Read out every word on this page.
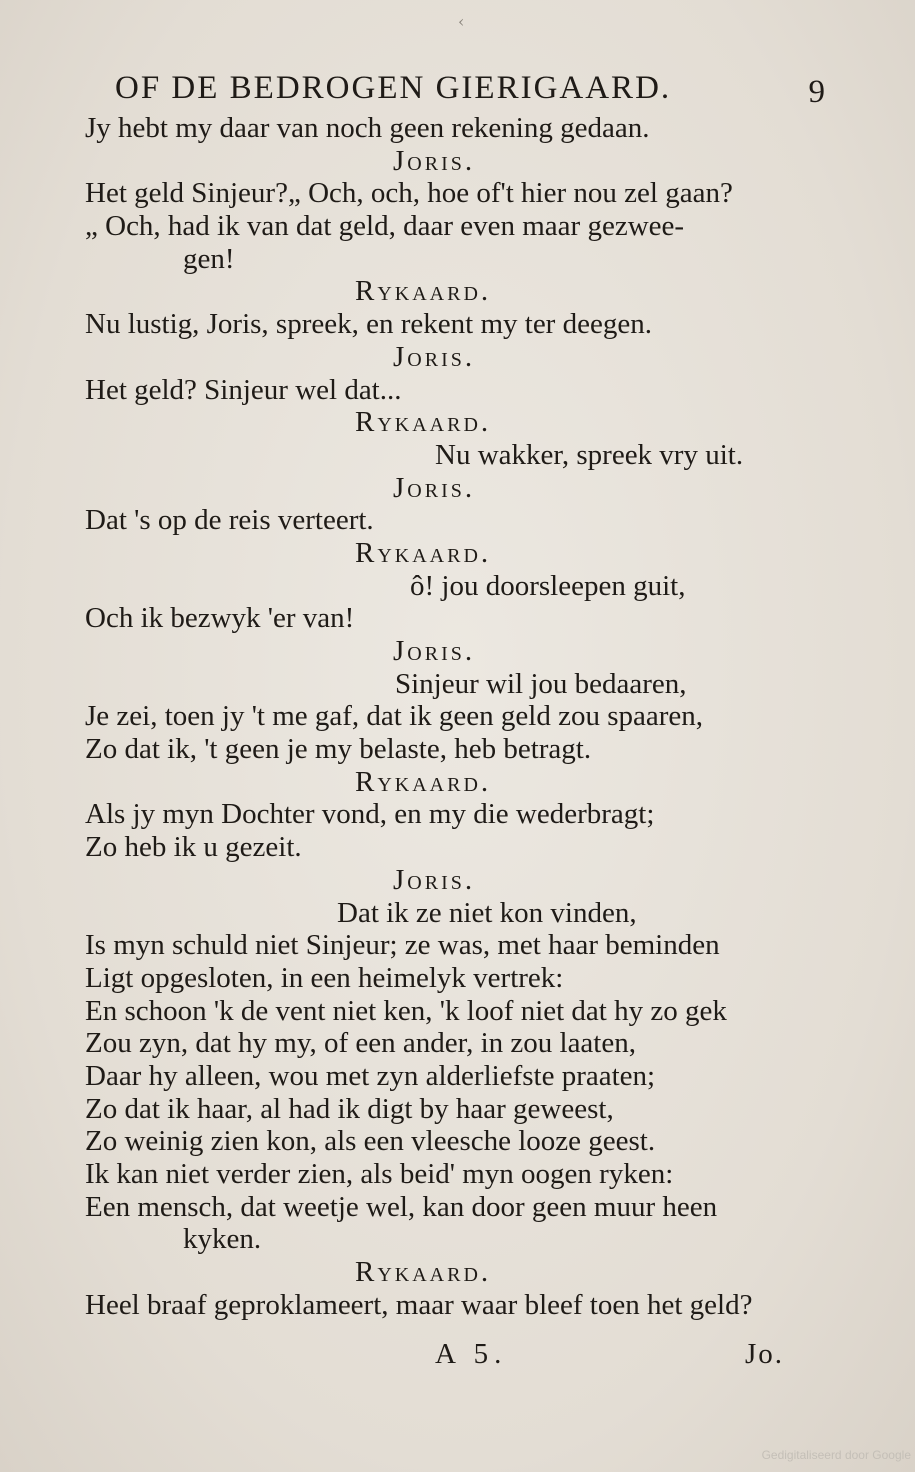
‹
OF DE BEDROGEN GIERIGAARD.	9
Jy hebt my daar van noch geen rekening gedaan.
Joris.
Het geld Sinjeur?„ Och, och, hoe of't hier nou zel gaan?
„ Och, had ik van dat geld, daar even maar gezwee-
gen!
Rykaard.
Nu lustig, Joris, spreek, en rekent my ter deegen.
Joris.
Het geld? Sinjeur wel dat...
Rykaard.
Nu wakker, spreek vry uit.
Joris.
Dat 's op de reis verteert.
Rykaard.
ô! jou doorsleepen guit,
Och ik bezwyk 'er van!
Joris.
Sinjeur wil jou bedaaren,
Je zei, toen jy 't me gaf, dat ik geen geld zou spaaren,
Zo dat ik, 't geen je my belaste, heb betragt.
Rykaard.
Als jy myn Dochter vond, en my die wederbragt;
Zo heb ik u gezeit.
Joris.
Dat ik ze niet kon vinden,
Is myn schuld niet Sinjeur; ze was, met haar beminden
Ligt opgesloten, in een heimelyk vertrek:
En schoon 'k de vent niet ken, 'k loof niet dat hy zo gek
Zou zyn, dat hy my, of een ander, in zou laaten,
Daar hy alleen, wou met zyn alderliefste praaten;
Zo dat ik haar, al had ik digt by haar geweest,
Zo weinig zien kon, als een vleesche looze geest.
Ik kan niet verder zien, als beid' myn oogen ryken:
Een mensch, dat weetje wel, kan door geen muur heen
kyken.
Rykaard.
Heel braaf geproklameert, maar waar bleef toen het geld?
A 5.	Jo.
Gedigitaliseerd door Google
